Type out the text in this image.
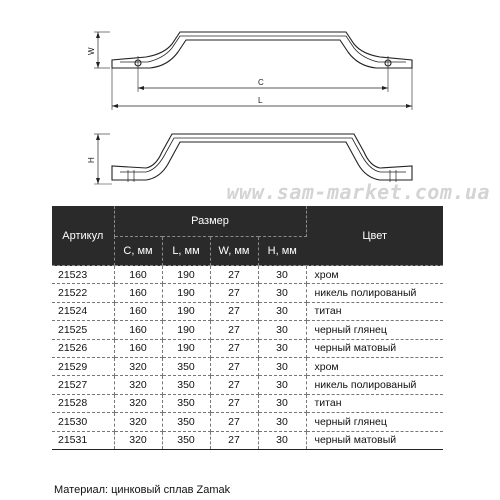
W
C
L
H
www.sam-market.com.ua
Артикул	Размер				Цвет
	C, мм	L, мм	W, мм	H, мм	
21523	160	190	27	30	хром
21522	160	190	27	30	никель полированый
21524	160	190	27	30	титан
21525	160	190	27	30	черный глянец
21526	160	190	27	30	черный матовый
21529	320	350	27	30	хром
21527	320	350	27	30	никель полированый
21528	320	350	27	30	титан
21530	320	350	27	30	черный глянец
21531	320	350	27	30	черный матовый
Материал: цинковый сплав Zamak
